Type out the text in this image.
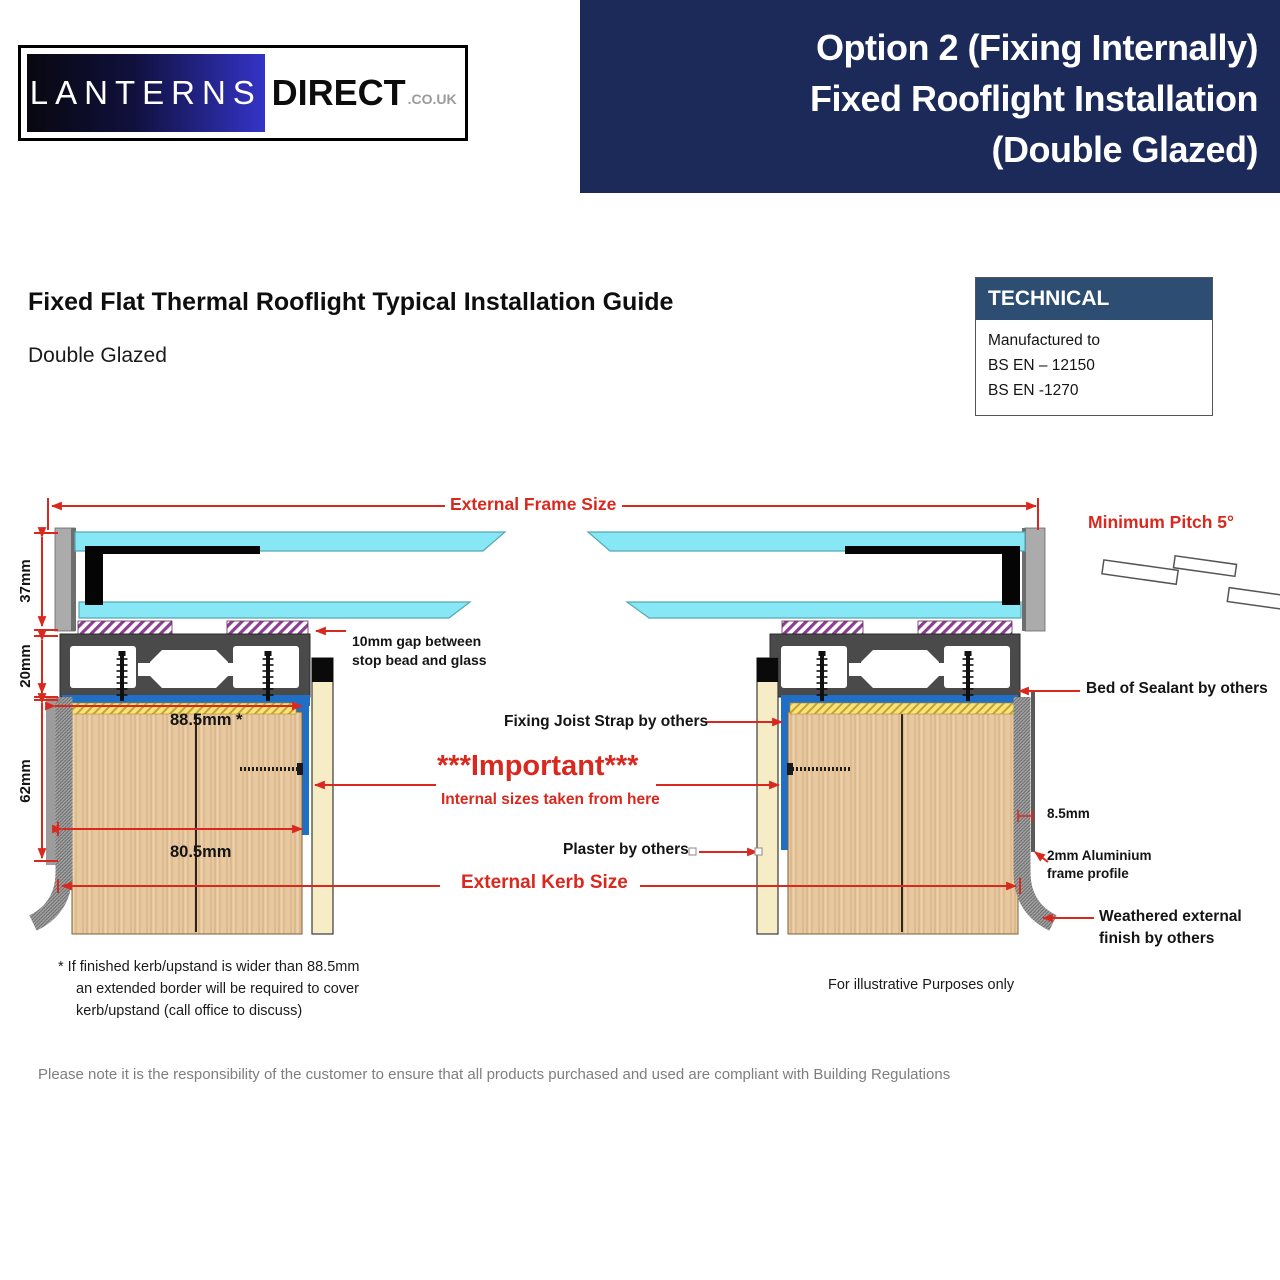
Option 2 (Fixing Internally)
Fixed Rooflight Installation
(Double Glazed)
LANTERNS DIRECT .CO.UK
Fixed Flat Thermal Rooflight Typical Installation Guide
Double Glazed
TECHNICAL
Manufactured to
BS EN – 12150
BS EN -1270
External Frame Size
Minimum Pitch 5°
37mm
20mm
62mm
10mm gap between
stop bead and glass
88.5mm *
80.5mm
Fixing Joist Strap by others
***Important***
Internal sizes taken from here
Plaster by others
External Kerb Size
Bed of Sealant by others
8.5mm
2mm Aluminium
frame profile
Weathered external
finish by others
* If finished kerb/upstand is wider than 88.5mm
an extended border will be required to cover
kerb/upstand (call office to discuss)
For illustrative Purposes only
Please note it is the responsibility of the customer to ensure that all products purchased and used are compliant with Building Regulations
